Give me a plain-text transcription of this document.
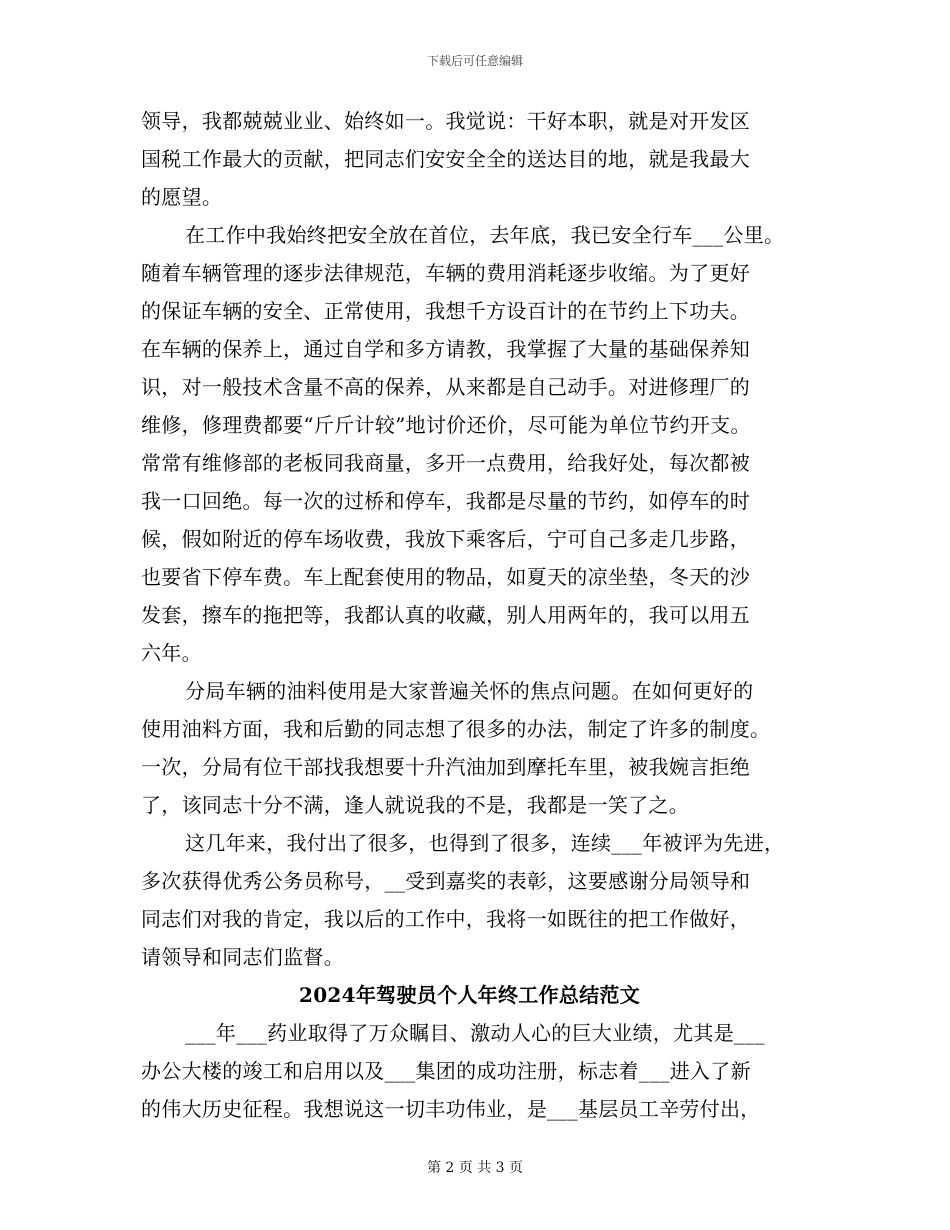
下载后可任意编辑
领导，我都兢兢业业、始终如一。我觉说：干好本职，就是对开发区
国税工作最大的贡献，把同志们安安全全的送达目的地，就是我最大
的愿望。
在工作中我始终把安全放在首位，去年底，我已安全行车___公里。
随着车辆管理的逐步法律规范，车辆的费用消耗逐步收缩。为了更好
的保证车辆的安全、正常使用，我想千方设百计的在节约上下功夫。
在车辆的保养上，通过自学和多方请教，我掌握了大量的基础保养知
识，对一般技术含量不高的保养，从来都是自己动手。对进修理厂的
维修，修理费都要“斤斤计较”地讨价还价，尽可能为单位节约开支。
常常有维修部的老板同我商量，多开一点费用，给我好处，每次都被
我一口回绝。每一次的过桥和停车，我都是尽量的节约，如停车的时
候，假如附近的停车场收费，我放下乘客后，宁可自己多走几步路，
也要省下停车费。车上配套使用的物品，如夏天的凉坐垫，冬天的沙
发套，擦车的拖把等，我都认真的收藏，别人用两年的，我可以用五
六年。
分局车辆的油料使用是大家普遍关怀的焦点问题。在如何更好的
使用油料方面，我和后勤的同志想了很多的办法，制定了许多的制度。
一次，分局有位干部找我想要十升汽油加到摩托车里，被我婉言拒绝
了，该同志十分不满，逢人就说我的不是，我都是一笑了之。
这几年来，我付出了很多，也得到了很多，连续___年被评为先进，
多次获得优秀公务员称号，__受到嘉奖的表彰，这要感谢分局领导和
同志们对我的肯定，我以后的工作中，我将一如既往的把工作做好，
请领导和同志们监督。
2024年驾驶员个人年终工作总结范文
___年___药业取得了万众瞩目、激动人心的巨大业绩，尤其是___
办公大楼的竣工和启用以及___集团的成功注册，标志着___进入了新
的伟大历史征程。我想说这一切丰功伟业，是___基层员工辛劳付出，
第 2 页 共 3 页
